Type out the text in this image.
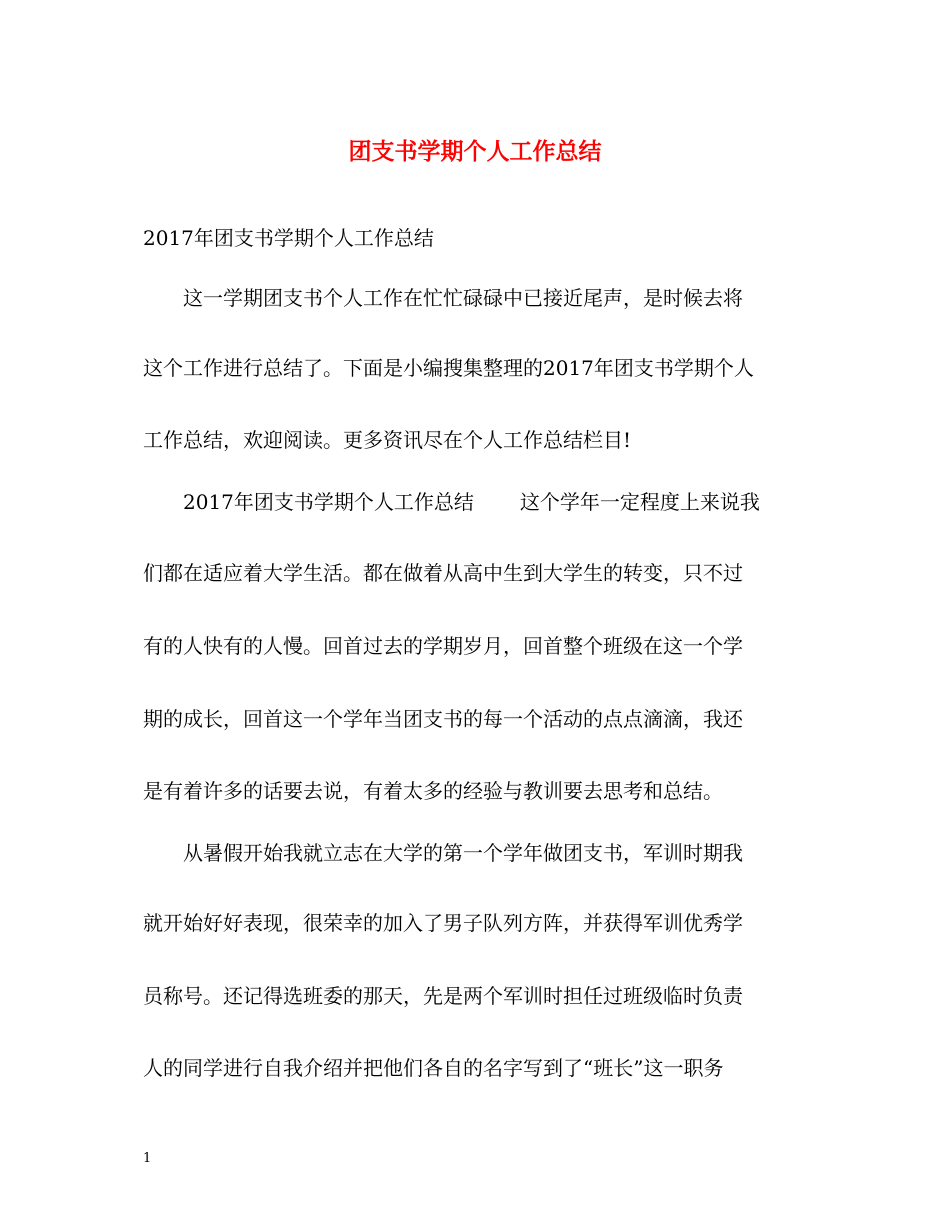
团支书学期个人工作总结
2017年团支书学期个人工作总结
这一学期团支书个人工作在忙忙碌碌中已接近尾声，是时候去将
这个工作进行总结了。下面是小编搜集整理的2017年团支书学期个人
工作总结，欢迎阅读。更多资讯尽在个人工作总结栏目!
2017年团支书学期个人工作总结 这个学年一定程度上来说我
们都在适应着大学生活。都在做着从高中生到大学生的转变，只不过
有的人快有的人慢。回首过去的学期岁月，回首整个班级在这一个学
期的成长，回首这一个学年当团支书的每一个活动的点点滴滴，我还
是有着许多的话要去说，有着太多的经验与教训要去思考和总结。
从暑假开始我就立志在大学的第一个学年做团支书，军训时期我
就开始好好表现，很荣幸的加入了男子队列方阵，并获得军训优秀学
员称号。还记得选班委的那天，先是两个军训时担任过班级临时负责
人的同学进行自我介绍并把他们各自的名字写到了“班长”这一职务
1
